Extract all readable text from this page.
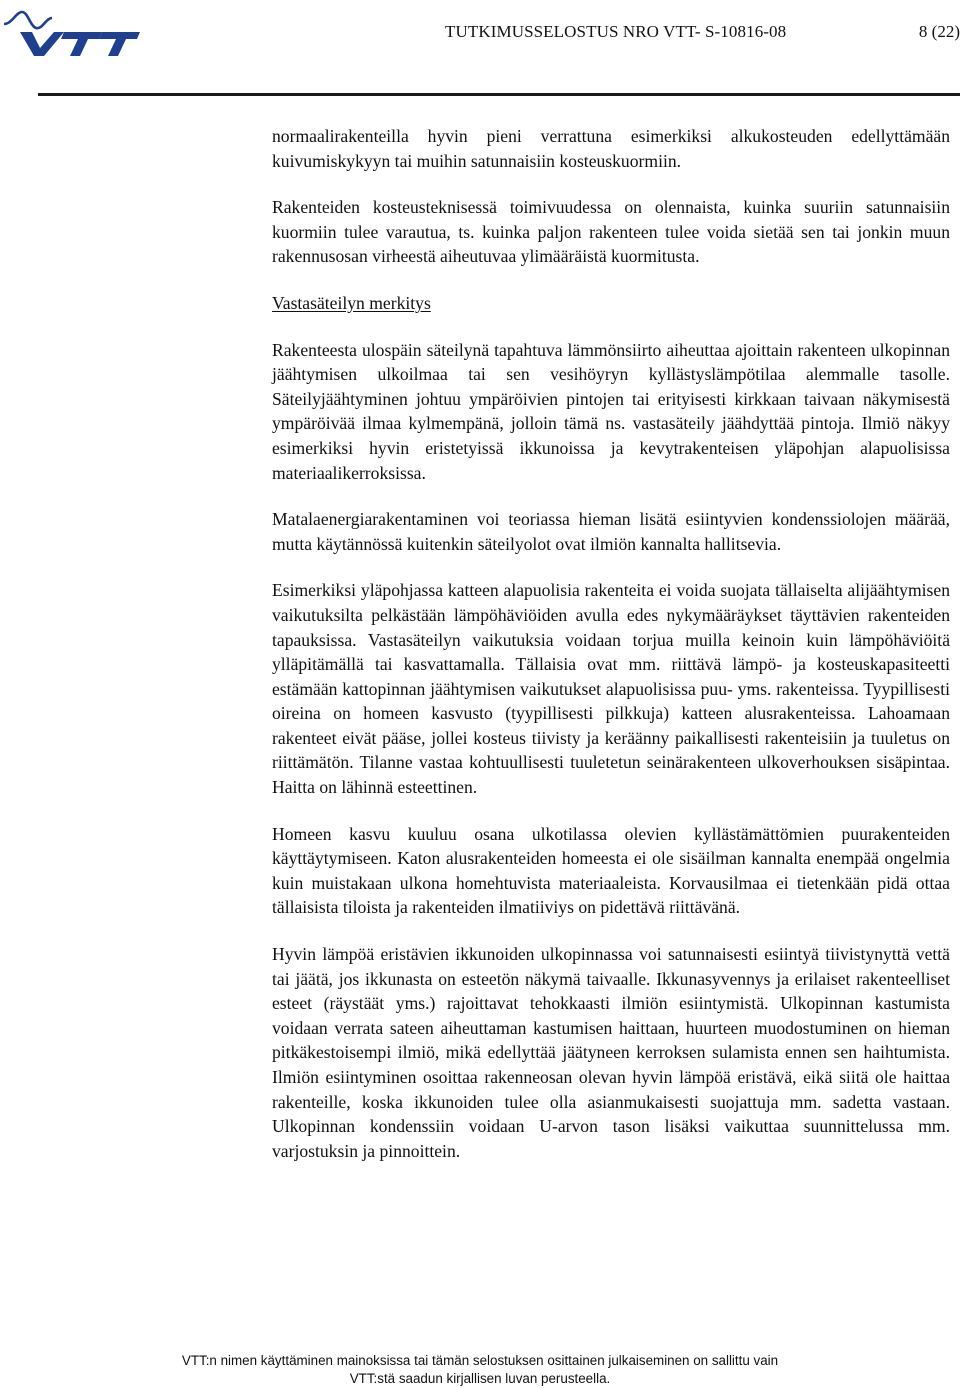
TUTKIMUSSELOSTUS NRO VTT- S-10816-08	8 (22)

normaalirakenteilla hyvin pieni verrattuna esimerkiksi alkukosteuden edellyttämään kuivumiskykyyn tai muihin satunnaisiin kosteuskuormiin.

Rakenteiden kosteusteknisessä toimivuudessa on olennaista, kuinka suuriin satunnaisiin kuormiin tulee varautua, ts. kuinka paljon rakenteen tulee voida sietää sen tai jonkin muun rakennusosan virheestä aiheutuvaa ylimääräistä kuormitusta.

Vastasäteilyn merkitys

Rakenteesta ulospäin säteilynä tapahtuva lämmönsiirto aiheuttaa ajoittain rakenteen ulkopinnan jäähtymisen ulkoilmaa tai sen vesihöyryn kyllästyslämpötilaa alemmalle tasolle. Säteilyjäähtyminen johtuu ympäröivien pintojen tai erityisesti kirkkaan taivaan näkymisestä ympäröivää ilmaa kylmempänä, jolloin tämä ns. vastasäteily jäähdyttää pintoja. Ilmiö näkyy esimerkiksi hyvin eristetyissä ikkunoissa ja kevytrakenteisen yläpohjan alapuolisissa materiaalikerroksissa.

Matalaenergiarakentaminen voi teoriassa hieman lisätä esiintyvien kondenssiolojen määrää, mutta käytännössä kuitenkin säteilyolot ovat ilmiön kannalta hallitsevia.

Esimerkiksi yläpohjassa katteen alapuolisia rakenteita ei voida suojata tällaiselta alijäähtymisen vaikutuksilta pelkästään lämpöhäviöiden avulla edes nykymääräykset täyttävien rakenteiden tapauksissa. Vastasäteilyn vaikutuksia voidaan torjua muilla keinoin kuin lämpöhäviöitä ylläpitämällä tai kasvattamalla. Tällaisia ovat mm. riittävä lämpö- ja kosteuskapasiteetti estämään kattopinnan jäähtymisen vaikutukset alapuolisissa puu- yms. rakenteissa. Tyypillisesti oireina on homeen kasvusto (tyypillisesti pilkkuja) katteen alusrakenteissa. Lahoamaan rakenteet eivät pääse, jollei kosteus tiivisty ja keräänny paikallisesti rakenteisiin ja tuuletus on riittämätön. Tilanne vastaa kohtuullisesti tuuletetun seinärakenteen ulkoverhouksen sisäpintaa. Haitta on lähinnä esteettinen.

Homeen kasvu kuuluu osana ulkotilassa olevien kyllästämättömien puurakenteiden käyttäytymiseen. Katon alusrakenteiden homeesta ei ole sisäilman kannalta enempää ongelmia kuin muistakaan ulkona homehtuvista materiaaleista. Korvausilmaa ei tietenkään pidä ottaa tällaisista tiloista ja rakenteiden ilmatiiviys on pidettävä riittävänä.

Hyvin lämpöä eristävien ikkunoiden ulkopinnassa voi satunnaisesti esiintyä tiivistynyttä vettä tai jäätä, jos ikkunasta on esteetön näkymä taivaalle. Ikkunasyvennys ja erilaiset rakenteelliset esteet (räystäät yms.) rajoittavat tehokkaasti ilmiön esiintymistä. Ulkopinnan kastumista voidaan verrata sateen aiheuttaman kastumisen haittaan, huurteen muodostuminen on hieman pitkäkestoisempi ilmiö, mikä edellyttää jäätyneen kerroksen sulamista ennen sen haihtumista. Ilmiön esiintyminen osoittaa rakenneosan olevan hyvin lämpöä eristävä, eikä siitä ole haittaa rakenteille, koska ikkunoiden tulee olla asianmukaisesti suojattuja mm. sadetta vastaan. Ulkopinnan kondenssiin voidaan U-arvon tason lisäksi vaikuttaa suunnittelussa mm. varjostuksin ja pinnoittein.

VTT:n nimen käyttäminen mainoksissa tai tämän selostuksen osittainen julkaiseminen on sallittu vain
VTT:stä saadun kirjallisen luvan perusteella.
